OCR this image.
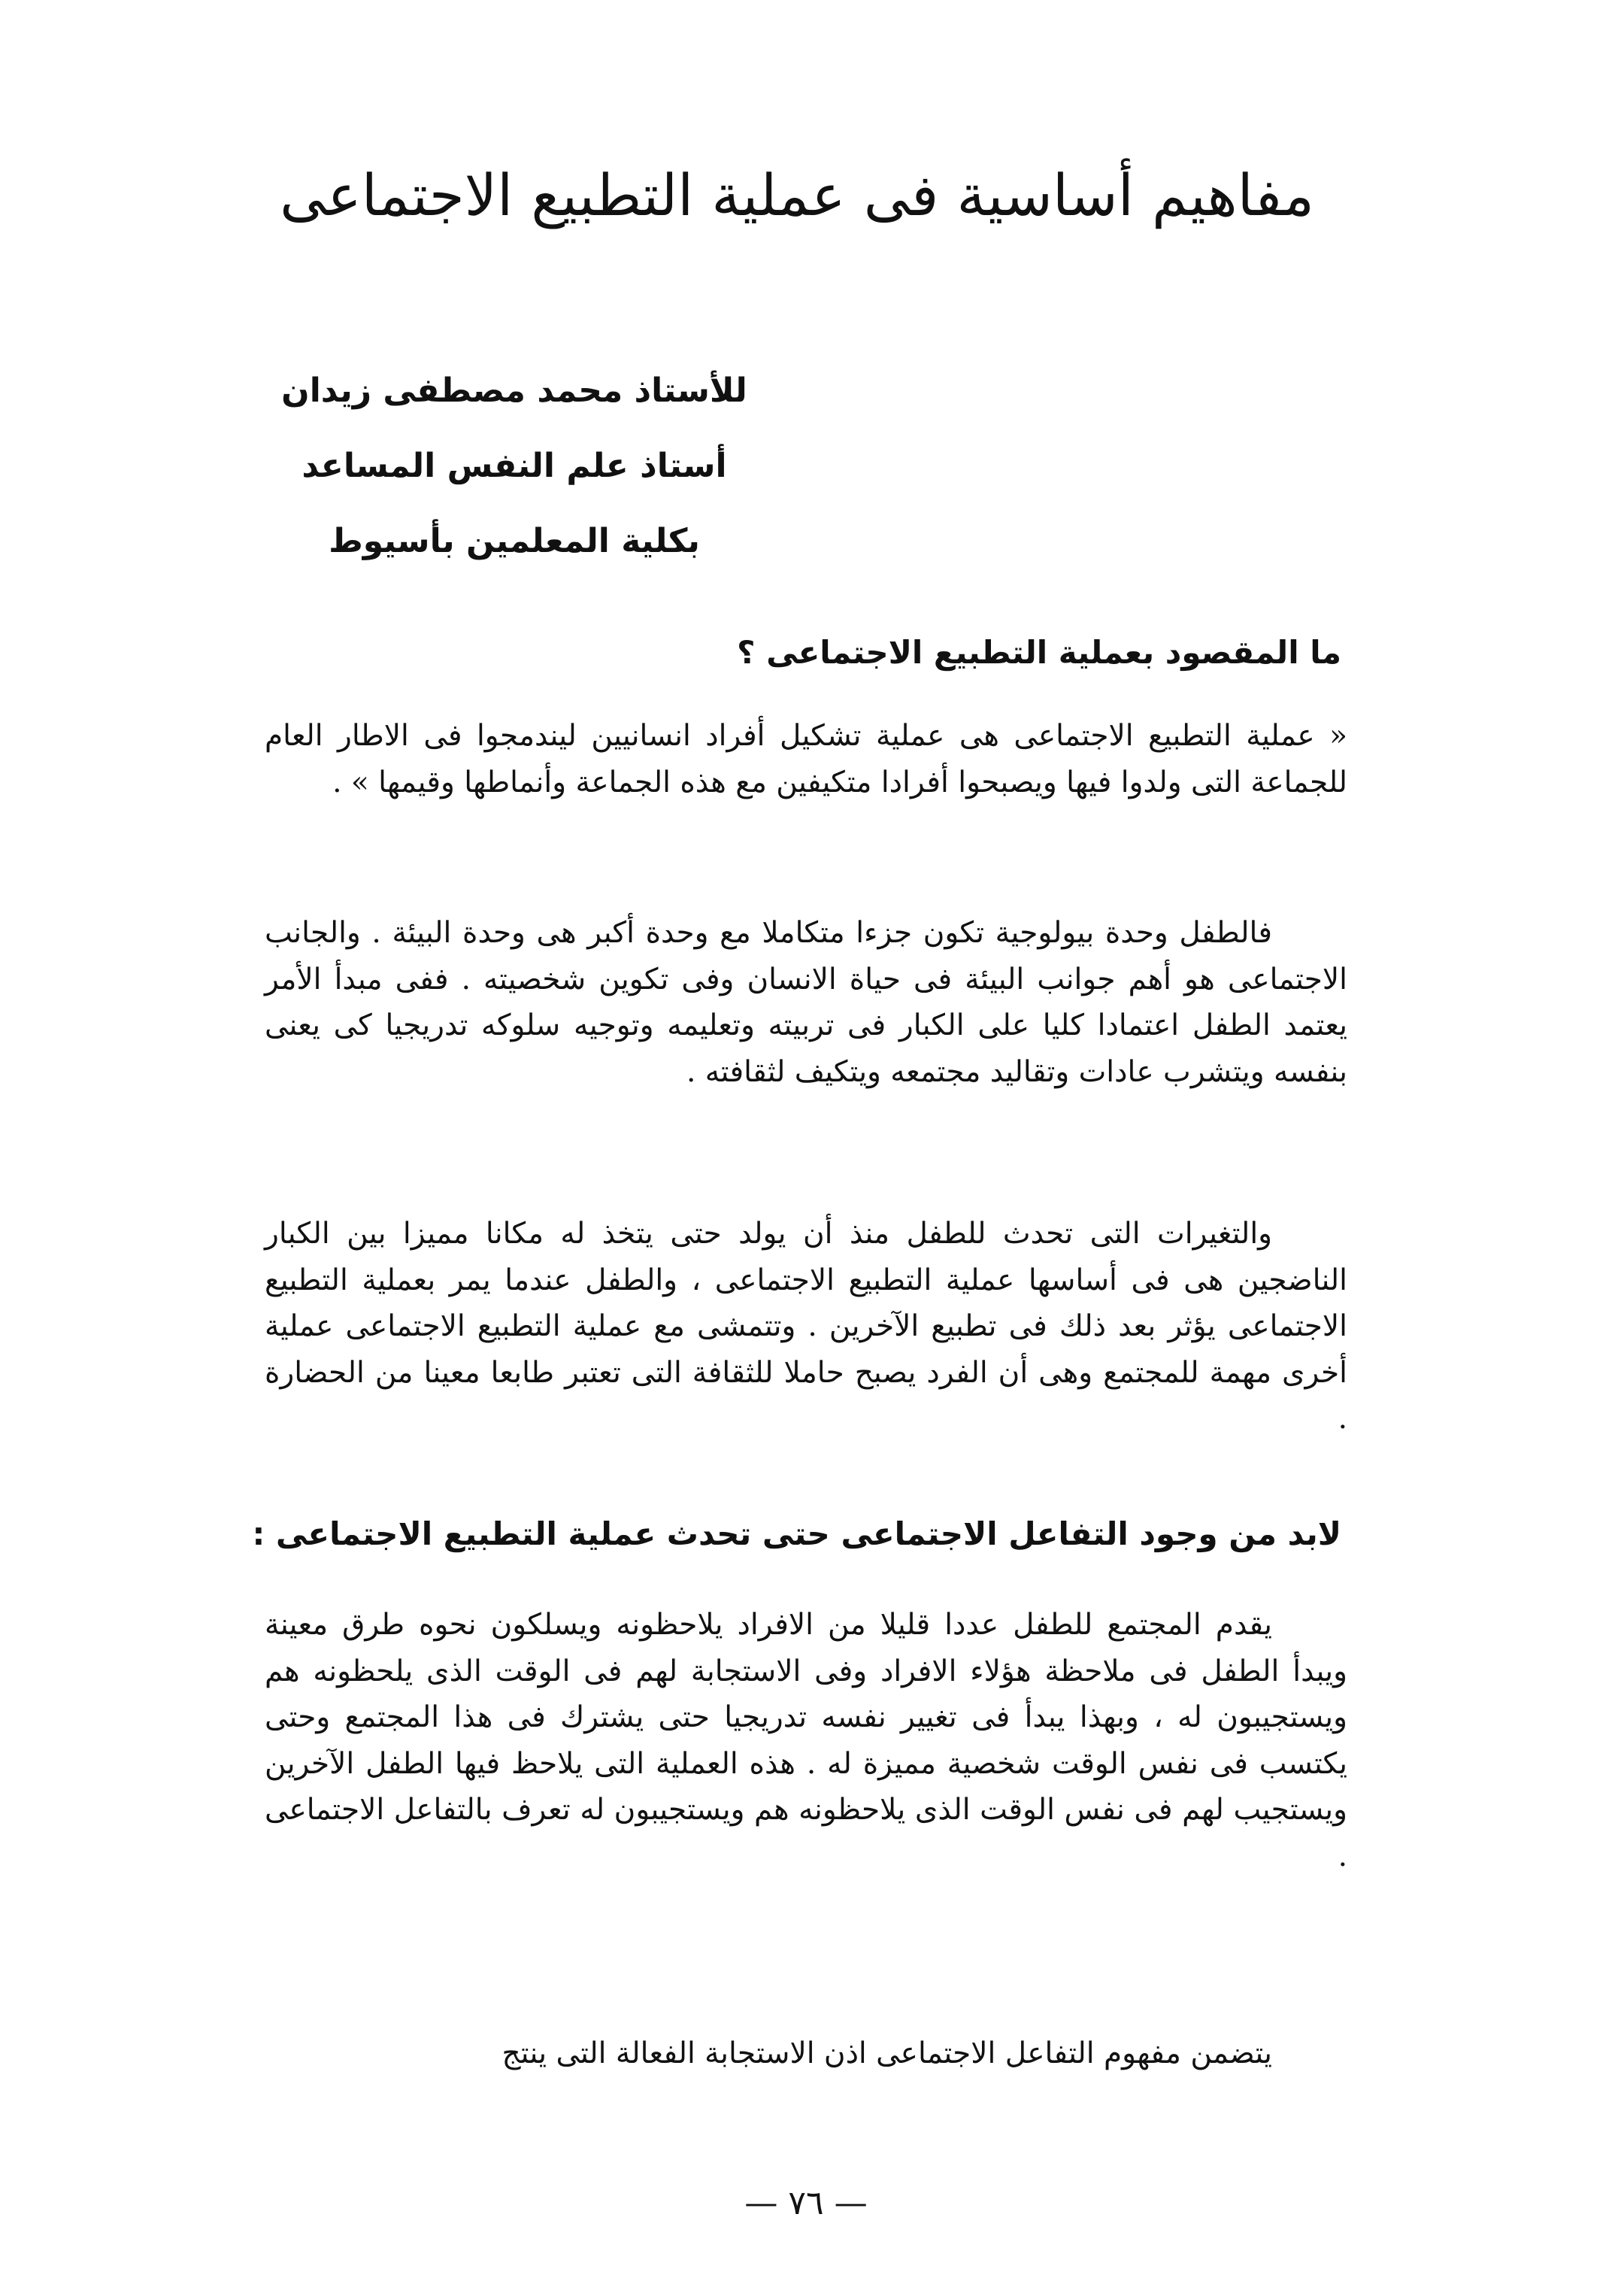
مفاهيم أساسية فى عملية التطبيع الاجتماعى
للأستاذ محمد مصطفى زيدان
أستاذ علم النفس المساعد
بكلية المعلمين بأسيوط
ما المقصود بعملية التطبيع الاجتماعى ؟

« عملية التطبيع الاجتماعى هى عملية تشكيل أفراد انسانيين ليندمجوا فى الاطار العام للجماعة التى ولدوا فيها ويصبحوا أفرادا متكيفين مع هذه الجماعة وأنماطها وقيمها » .

فالطفل وحدة بيولوجية تكون جزءا متكاملا مع وحدة أكبر هى وحدة البيئة . والجانب الاجتماعى هو أهم جوانب البيئة فى حياة الانسان وفى تكوين شخصيته . ففى مبدأ الأمر يعتمد الطفل اعتمادا كليا على الكبار فى تربيته وتعليمه وتوجيه سلوكه تدريجيا كى يعنى بنفسه ويتشرب عادات وتقاليد مجتمعه ويتكيف لثقافته .

والتغيرات التى تحدث للطفل منذ أن يولد حتى يتخذ له مكانا مميزا بين الكبار الناضجين هى فى أساسها عملية التطبيع الاجتماعى ، والطفل عندما يمر بعملية التطبيع الاجتماعى يؤثر بعد ذلك فى تطبيع الآخرين . وتتمشى مع عملية التطبيع الاجتماعى عملية أخرى مهمة للمجتمع وهى أن الفرد يصبح حاملا للثقافة التى تعتبر طابعا معينا من الحضارة .

لابد من وجود التفاعل الاجتماعى حتى تحدث عملية التطبيع الاجتماعى :

يقدم المجتمع للطفل عددا قليلا من الافراد يلاحظونه ويسلكون نحوه طرق معينة ويبدأ الطفل فى ملاحظة هؤلاء الافراد وفى الاستجابة لهم فى الوقت الذى يلحظونه هم ويستجيبون له ، وبهذا يبدأ فى تغيير نفسه تدريجيا حتى يشترك فى هذا المجتمع وحتى يكتسب فى نفس الوقت شخصية مميزة له . هذه العملية التى يلاحظ فيها الطفل الآخرين ويستجيب لهم فى نفس الوقت الذى يلاحظونه هم ويستجيبون له تعرف بالتفاعل الاجتماعى .

يتضمن مفهوم التفاعل الاجتماعى اذن الاستجابة الفعالة التى ينتج

— ٧٦ —
